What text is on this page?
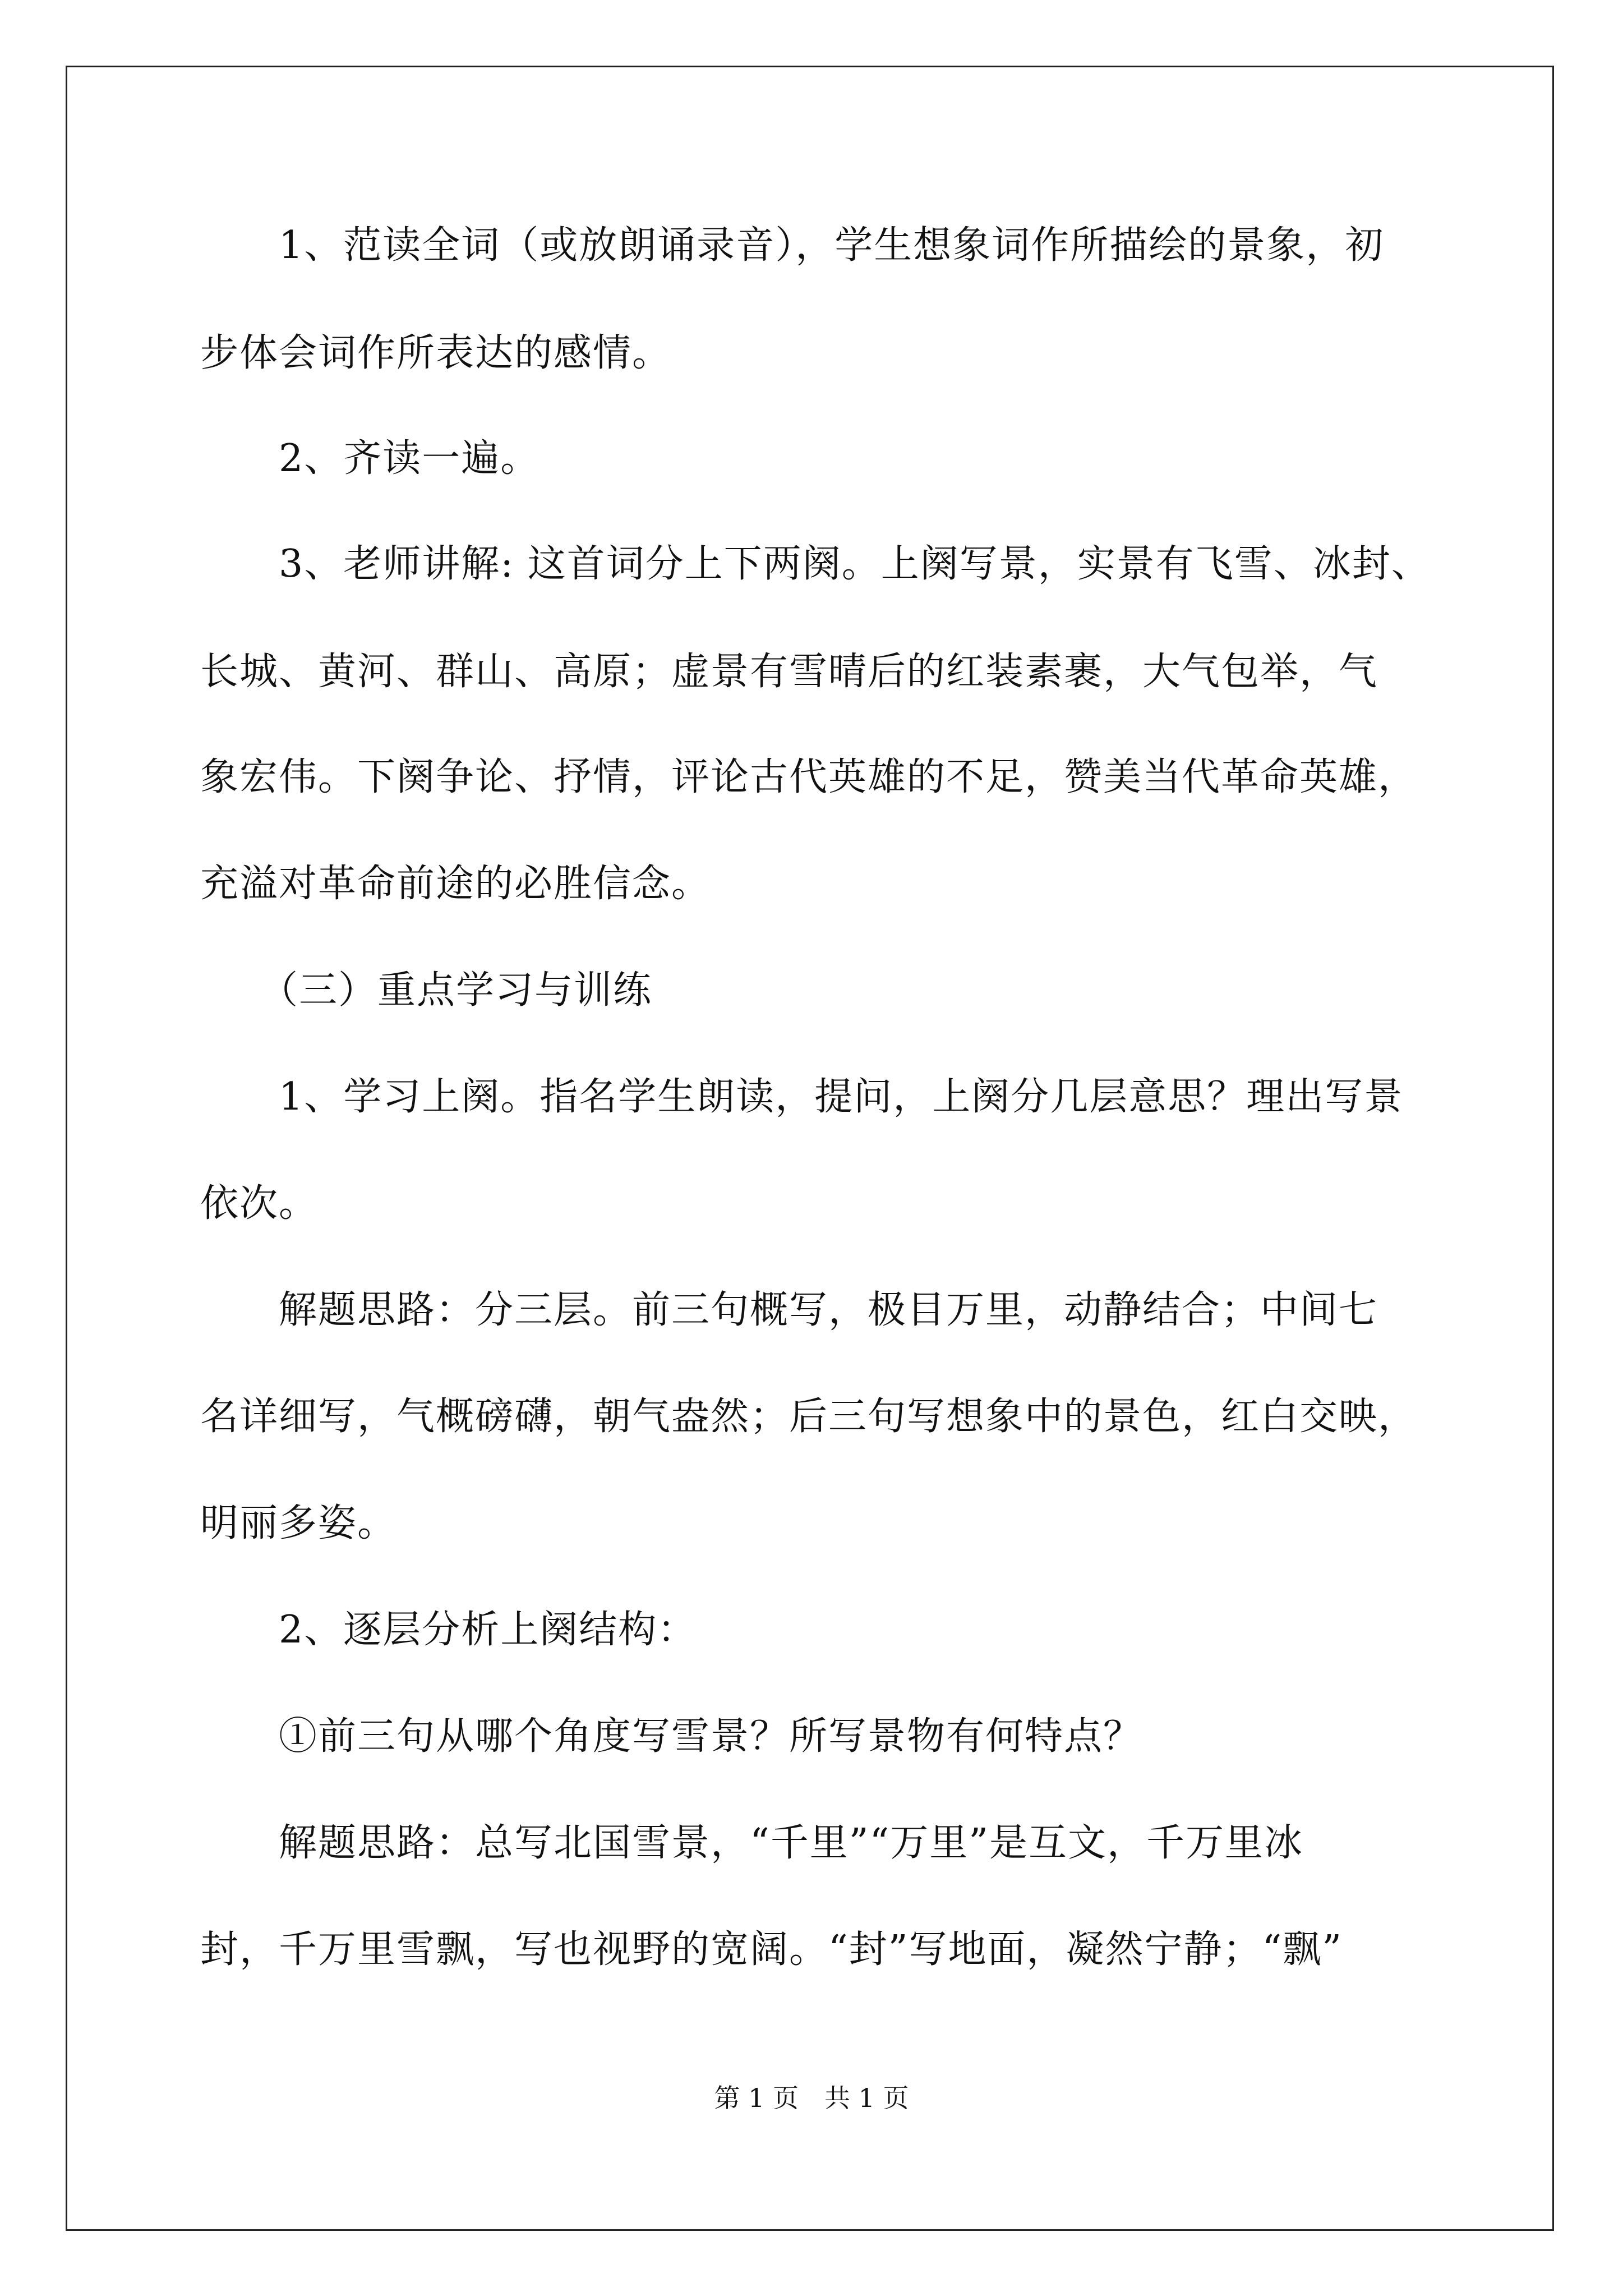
　　1、范读全词（或放朗诵录音），学生想象词作所描绘的景象，初
步体会词作所表达的感情。
　　2、齐读一遍。
　　3、老师讲解: 这首词分上下两阕。上阕写景，实景有飞雪、冰封、
长城、黄河、群山、高原；虚景有雪晴后的红装素裹，大气包举，气
象宏伟。下阕争论、抒情，评论古代英雄的不足，赞美当代革命英雄，
充溢对革命前途的必胜信念。
　　（三）重点学习与训练
　　1、学习上阕。指名学生朗读，提问，上阕分几层意思？理出写景
依次。
　　解题思路：分三层。前三句概写，极目万里，动静结合；中间七
名详细写，气概磅礴，朝气盎然；后三句写想象中的景色，红白交映，
明丽多姿。
　　2、逐层分析上阕结构：
　　①前三句从哪个角度写雪景？所写景物有何特点？
　　解题思路：总写北国雪景，“千里”“万里”是互文，千万里冰
封，千万里雪飘，写也视野的宽阔。“封”写地面，凝然宁静；“飘”
第 1 页　共 1 页
